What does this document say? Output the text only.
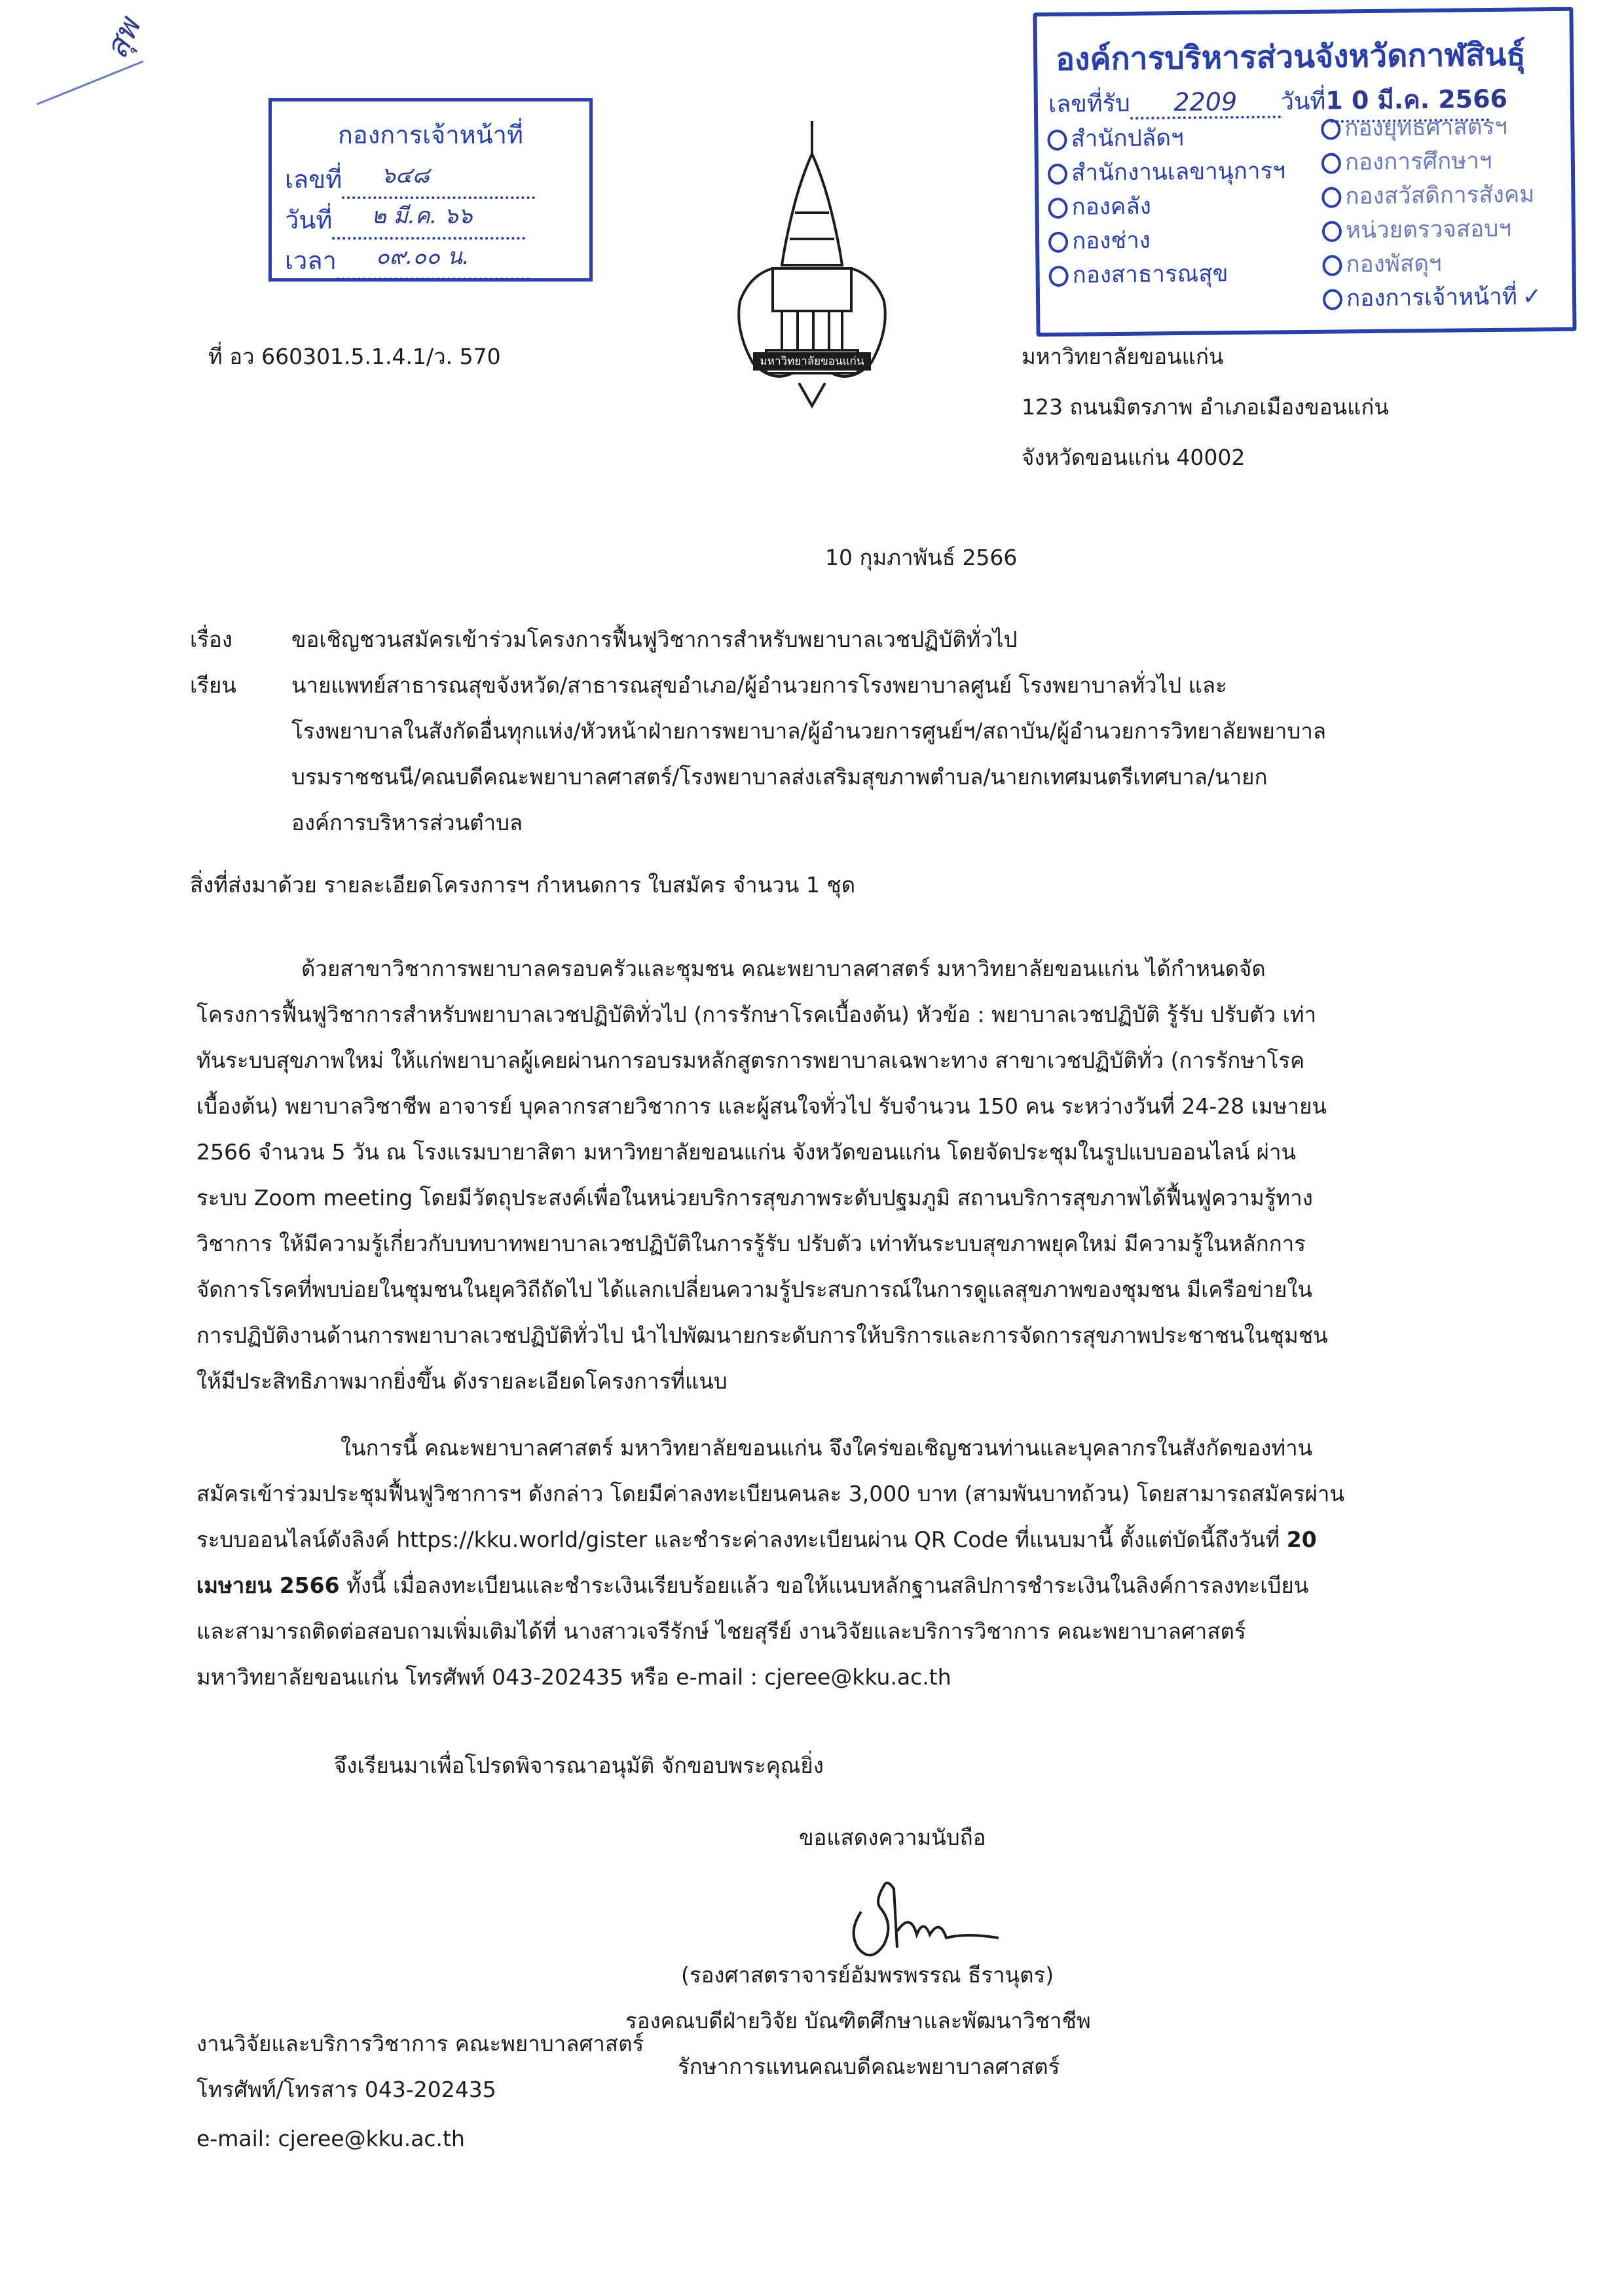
สุพ
กองการเจ้าหน้าที่
เลขที่ ๖๔๘
วันที่ ๒ มี.ค. ๖๖
เวลา ๐๙.๐๐ น.
มหาวิทยาลัยขอนแก่น
องค์การบริหารส่วนจังหวัดกาฬสินธุ์
เลขที่รับ 2209 วันที่1 0 มี.ค. 2566
สำนักปลัดฯ
สำนักงานเลขานุการฯ
กองคลัง
กองช่าง
กองสาธารณสุข
กองยุทธศาสตรฯ
กองการศึกษาฯ
กองสวัสดิการสังคม
หน่วยตรวจสอบฯ
กองพัสดุฯ
กองการเจ้าหน้าที่ ✓
ที่ อว 660301.5.1.4.1/ว. 570	มหาวิทยาลัยขอนแก่น
123 ถนนมิตรภาพ อำเภอเมืองขอนแก่น
จังหวัดขอนแก่น 40002
10 กุมภาพันธ์ 2566
เรื่อง	ขอเชิญชวนสมัครเข้าร่วมโครงการฟื้นฟูวิชาการสำหรับพยาบาลเวชปฏิบัติทั่วไป
เรียน	นายแพทย์สาธารณสุขจังหวัด/สาธารณสุขอำเภอ/ผู้อำนวยการโรงพยาบาลศูนย์ โรงพยาบาลทั่วไป และ
โรงพยาบาลในสังกัดอื่นทุกแห่ง/หัวหน้าฝ่ายการพยาบาล/ผู้อำนวยการศูนย์ฯ/สถาบัน/ผู้อำนวยการวิทยาลัยพยาบาล
บรมราชชนนี/คณบดีคณะพยาบาลศาสตร์/โรงพยาบาลส่งเสริมสุขภาพตำบล/นายกเทศมนตรีเทศบาล/นายก
องค์การบริหารส่วนตำบล
สิ่งที่ส่งมาด้วย รายละเอียดโครงการฯ กำหนดการ ใบสมัคร จำนวน 1 ชุด
ด้วยสาขาวิชาการพยาบาลครอบครัวและชุมชน คณะพยาบาลศาสตร์ มหาวิทยาลัยขอนแก่น ได้กำหนดจัด
โครงการฟื้นฟูวิชาการสำหรับพยาบาลเวชปฏิบัติทั่วไป (การรักษาโรคเบื้องต้น) หัวข้อ : พยาบาลเวชปฏิบัติ รู้รับ ปรับตัว เท่า
ทันระบบสุขภาพใหม่ ให้แก่พยาบาลผู้เคยผ่านการอบรมหลักสูตรการพยาบาลเฉพาะทาง สาขาเวชปฏิบัติทั่ว (การรักษาโรค
เบื้องต้น) พยาบาลวิชาชีพ อาจารย์ บุคลากรสายวิชาการ และผู้สนใจทั่วไป รับจำนวน 150 คน ระหว่างวันที่ 24-28 เมษายน
2566 จำนวน 5 วัน ณ โรงแรมบายาสิตา มหาวิทยาลัยขอนแก่น จังหวัดขอนแก่น โดยจัดประชุมในรูปแบบออนไลน์ ผ่าน
ระบบ Zoom meeting โดยมีวัตถุประสงค์เพื่อในหน่วยบริการสุขภาพระดับปฐมภูมิ สถานบริการสุขภาพได้ฟื้นฟูความรู้ทาง
วิชาการ ให้มีความรู้เกี่ยวกับบทบาทพยาบาลเวชปฏิบัติในการรู้รับ ปรับตัว เท่าทันระบบสุขภาพยุคใหม่ มีความรู้ในหลักการ
จัดการโรคที่พบบ่อยในชุมชนในยุควิถีถัดไป ได้แลกเปลี่ยนความรู้ประสบการณ์ในการดูแลสุขภาพของชุมชน มีเครือข่ายใน
การปฏิบัติงานด้านการพยาบาลเวชปฏิบัติทั่วไป นำไปพัฒนายกระดับการให้บริการและการจัดการสุขภาพประชาชนในชุมชน
ให้มีประสิทธิภาพมากยิ่งขึ้น ดังรายละเอียดโครงการที่แนบ
ในการนี้ คณะพยาบาลศาสตร์ มหาวิทยาลัยขอนแก่น จึงใคร่ขอเชิญชวนท่านและบุคลากรในสังกัดของท่าน
สมัครเข้าร่วมประชุมฟื้นฟูวิชาการฯ ดังกล่าว โดยมีค่าลงทะเบียนคนละ 3,000 บาท (สามพันบาทถ้วน) โดยสามารถสมัครผ่าน
ระบบออนไลน์ดังลิงค์ https://kku.world/gister และชำระค่าลงทะเบียนผ่าน QR Code ที่แนบมานี้ ตั้งแต่บัดนี้ถึงวันที่ 20
เมษายน 2566 ทั้งนี้ เมื่อลงทะเบียนและชำระเงินเรียบร้อยแล้ว ขอให้แนบหลักฐานสลิปการชำระเงินในลิงค์การลงทะเบียน
และสามารถติดต่อสอบถามเพิ่มเติมได้ที่ นางสาวเจรีรักษ์ ไชยสุรีย์ งานวิจัยและบริการวิชาการ คณะพยาบาลศาสตร์
มหาวิทยาลัยขอนแก่น โทรศัพท์ 043-202435 หรือ e-mail : cjeree@kku.ac.th
จึงเรียนมาเพื่อโปรดพิจารณาอนุมัติ จักขอบพระคุณยิ่ง
ขอแสดงความนับถือ
(รองศาสตราจารย์อัมพรพรรณ ธีรานุตร)
รองคณบดีฝ่ายวิจัย บัณฑิตศึกษาและพัฒนาวิชาชีพ
รักษาการแทนคณบดีคณะพยาบาลศาสตร์
งานวิจัยและบริการวิชาการ คณะพยาบาลศาสตร์
โทรศัพท์/โทรสาร 043-202435
e-mail: cjeree@kku.ac.th
